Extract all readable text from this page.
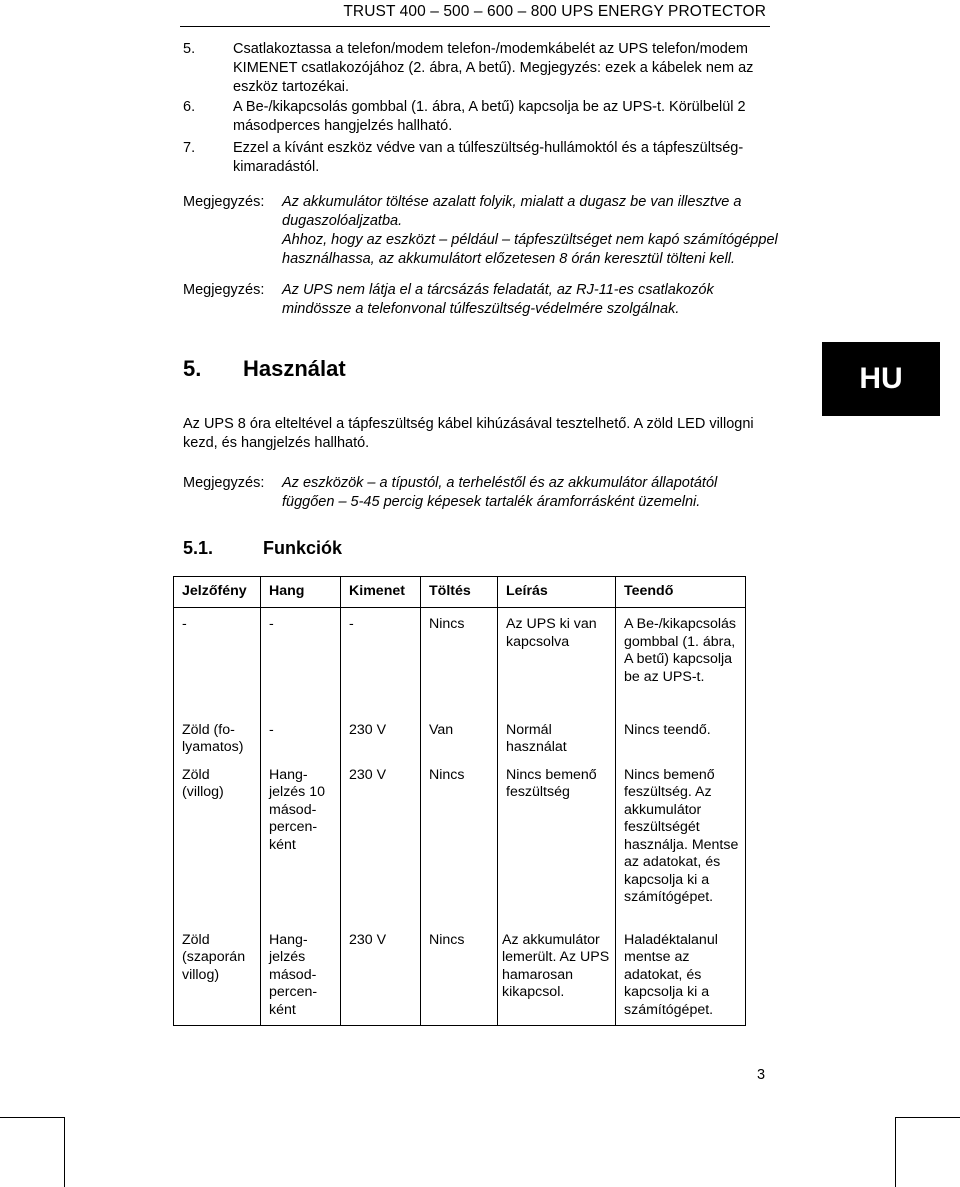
TRUST 400 – 500 – 600 – 800 UPS ENERGY PROTECTOR
5.	Csatlakoztassa a telefon/modem telefon-/modemkábelét az UPS telefon/modem KIMENET csatlakozójához (2. ábra, A betű). Megjegyzés: ezek a kábelek nem az eszköz tartozékai.
6.	A Be-/kikapcsolás gombbal (1. ábra, A betű) kapcsolja be az UPS-t. Körülbelül 2 másodperces hangjelzés hallható.
7.	Ezzel a kívánt eszköz védve van a túlfeszültség-hullámoktól és a tápfeszültség-kimaradástól.
Megjegyzés: Az akkumulátor töltése azalatt folyik, mialatt a dugasz be van illesztve a dugaszolóaljzatba.

Ahhoz, hogy az eszközt – például – tápfeszültséget nem kapó számítógéppel használhassa, az akkumulátort előzetesen 8 órán keresztül tölteni kell.

Megjegyzés: Az UPS nem látja el a tárcsázás feladatát, az RJ-11-es csatlakozók mindössze a telefonvonal túlfeszültség-védelmére szolgálnak.

5. Használat	HU
Az UPS 8 óra elteltével a tápfeszültség kábel kihúzásával tesztelhető. A zöld LED villogni kezd, és hangjelzés hallható.
Megjegyzés: Az eszközök – a típustól, a terheléstől és az akkumulátor állapotától függően – 5-45 percig képesek tartalék áramforrásként üzemelni.

5.1.	Funkciók
Jelzőfény	Hang	Kimenet	Töltés	Leírás	Teendő
-	-	-	Nincs	Az UPS ki van kapcsolva	A Be-/kikapcsolás gombbal (1. ábra, A betű) kapcsolja be az UPS-t.
Zöld (fo-lyamatos)	-	230 V	Van	Normál használat	Nincs teendő.
Zöld (villog)	Hang-jelzés 10 másod-percen-ként	230 V	Nincs	Nincs bemenő feszültség	Nincs bemenő feszültség. Az akkumulátor feszültségét használja. Mentse az adatokat, és kapcsolja ki a számítógépet.
Zöld (szaporán villog)	Hang-jelzés másod-percen-ként	230 V	Nincs	Az akkumulátor lemerült. Az UPS hamarosan kikapcsol.	Haladéktalanul mentse az adatokat, és kapcsolja ki a számítógépet.
3
